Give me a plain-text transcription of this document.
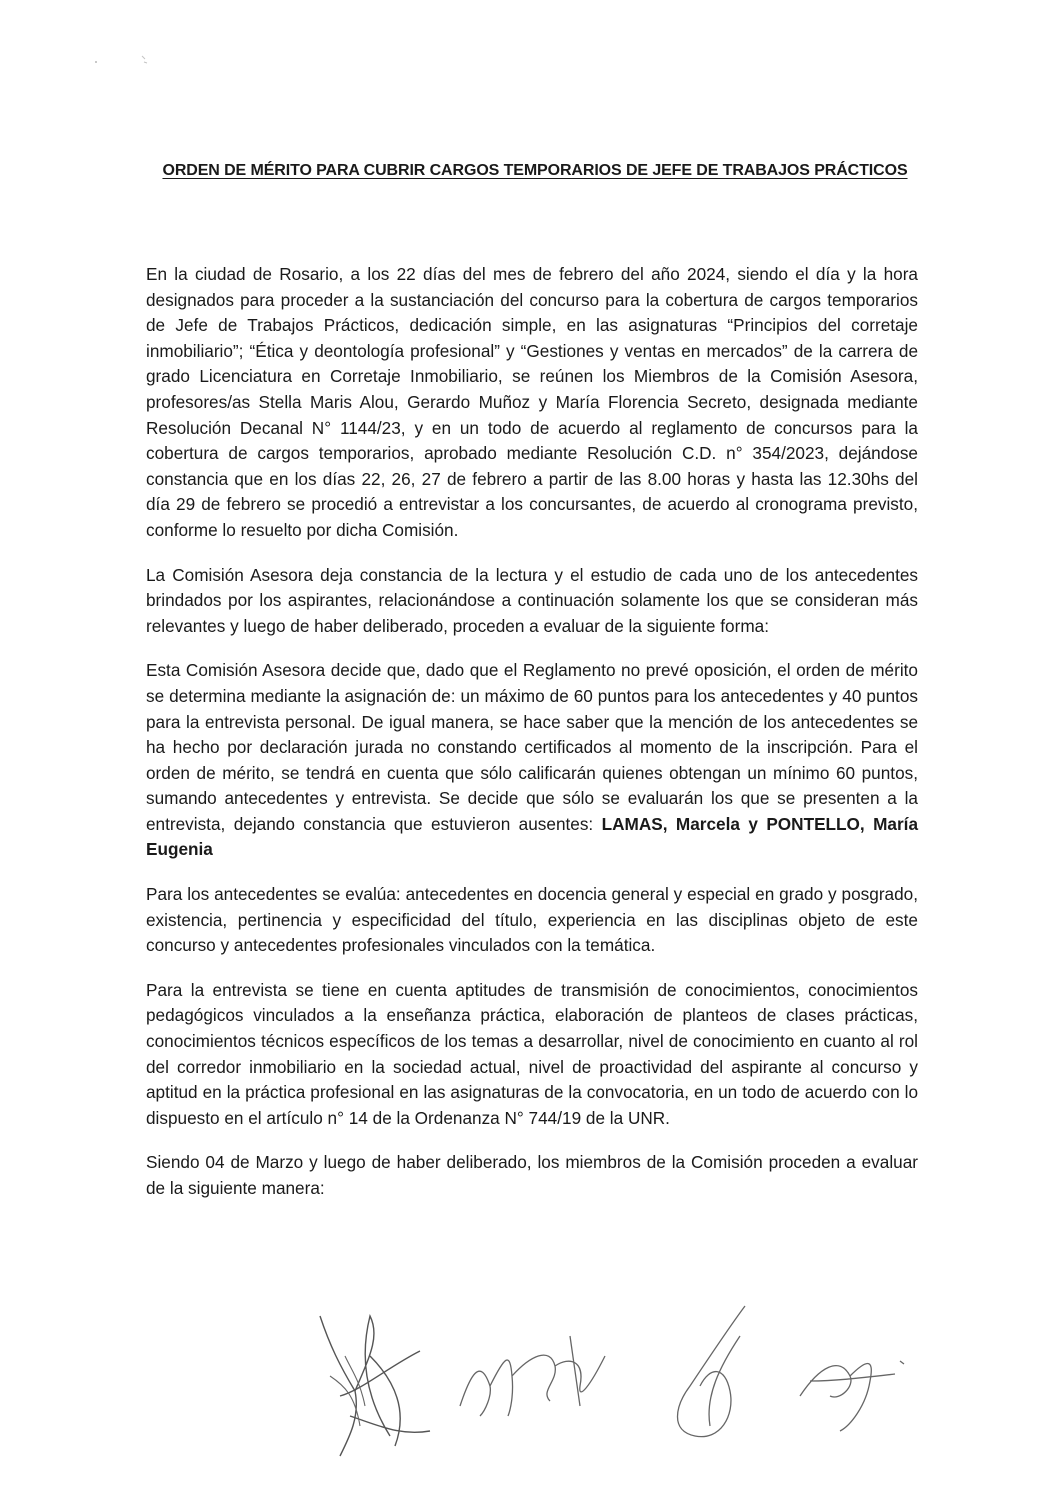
ORDEN DE MÉRITO PARA CUBRIR CARGOS TEMPORARIOS DE JEFE DE TRABAJOS PRÁCTICOS

En la ciudad de Rosario, a los 22 días del mes de febrero del año 2024, siendo el día y la hora designados para proceder a la sustanciación del concurso para la cobertura de cargos temporarios de Jefe de Trabajos Prácticos, dedicación simple, en las asignaturas “Principios del corretaje inmobiliario”; “Ética y deontología profesional” y “Gestiones y ventas en mercados” de la carrera de grado Licenciatura en Corretaje Inmobiliario, se reúnen los Miembros de la Comisión Asesora, profesores/as Stella Maris Alou, Gerardo Muñoz y María Florencia Secreto, designada mediante Resolución Decanal N° 1144/23, y en un todo de acuerdo al reglamento de concursos para la cobertura de cargos temporarios, aprobado mediante Resolución C.D. n° 354/2023, dejándose constancia que en los días 22, 26, 27 de febrero a partir de las 8.00 horas y hasta las 12.30hs del día 29 de febrero se procedió a entrevistar a los concursantes, de acuerdo al cronograma previsto, conforme lo resuelto por dicha Comisión.

La Comisión Asesora deja constancia de la lectura y el estudio de cada uno de los antecedentes brindados por los aspirantes, relacionándose a continuación solamente los que se consideran más relevantes y luego de haber deliberado, proceden a evaluar de la siguiente forma:

Esta Comisión Asesora decide que, dado que el Reglamento no prevé oposición, el orden de mérito se determina mediante la asignación de: un máximo de 60 puntos para los antecedentes y 40 puntos para la entrevista personal. De igual manera, se hace saber que la mención de los antecedentes se ha hecho por declaración jurada no constando certificados al momento de la inscripción. Para el orden de mérito, se tendrá en cuenta que sólo calificarán quienes obtengan un mínimo 60 puntos, sumando antecedentes y entrevista. Se decide que sólo se evaluarán los que se presenten a la entrevista, dejando constancia que estuvieron ausentes: LAMAS, Marcela y PONTELLO, María Eugenia

Para los antecedentes se evalúa: antecedentes en docencia general y especial en grado y posgrado, existencia, pertinencia y especificidad del título, experiencia en las disciplinas objeto de este concurso y antecedentes profesionales vinculados con la temática.

Para la entrevista se tiene en cuenta aptitudes de transmisión de conocimientos, conocimientos pedagógicos vinculados a la enseñanza práctica, elaboración de planteos de clases prácticas, conocimientos técnicos específicos de los temas a desarrollar, nivel de conocimiento en cuanto al rol del corredor inmobiliario en la sociedad actual, nivel de proactividad del aspirante al concurso y aptitud en la práctica profesional en las asignaturas de la convocatoria, en un todo de acuerdo con lo dispuesto en el artículo n° 14 de la Ordenanza N° 744/19 de la UNR.

Siendo 04 de Marzo y luego de haber deliberado, los miembros de la Comisión proceden a evaluar de la siguiente manera:
